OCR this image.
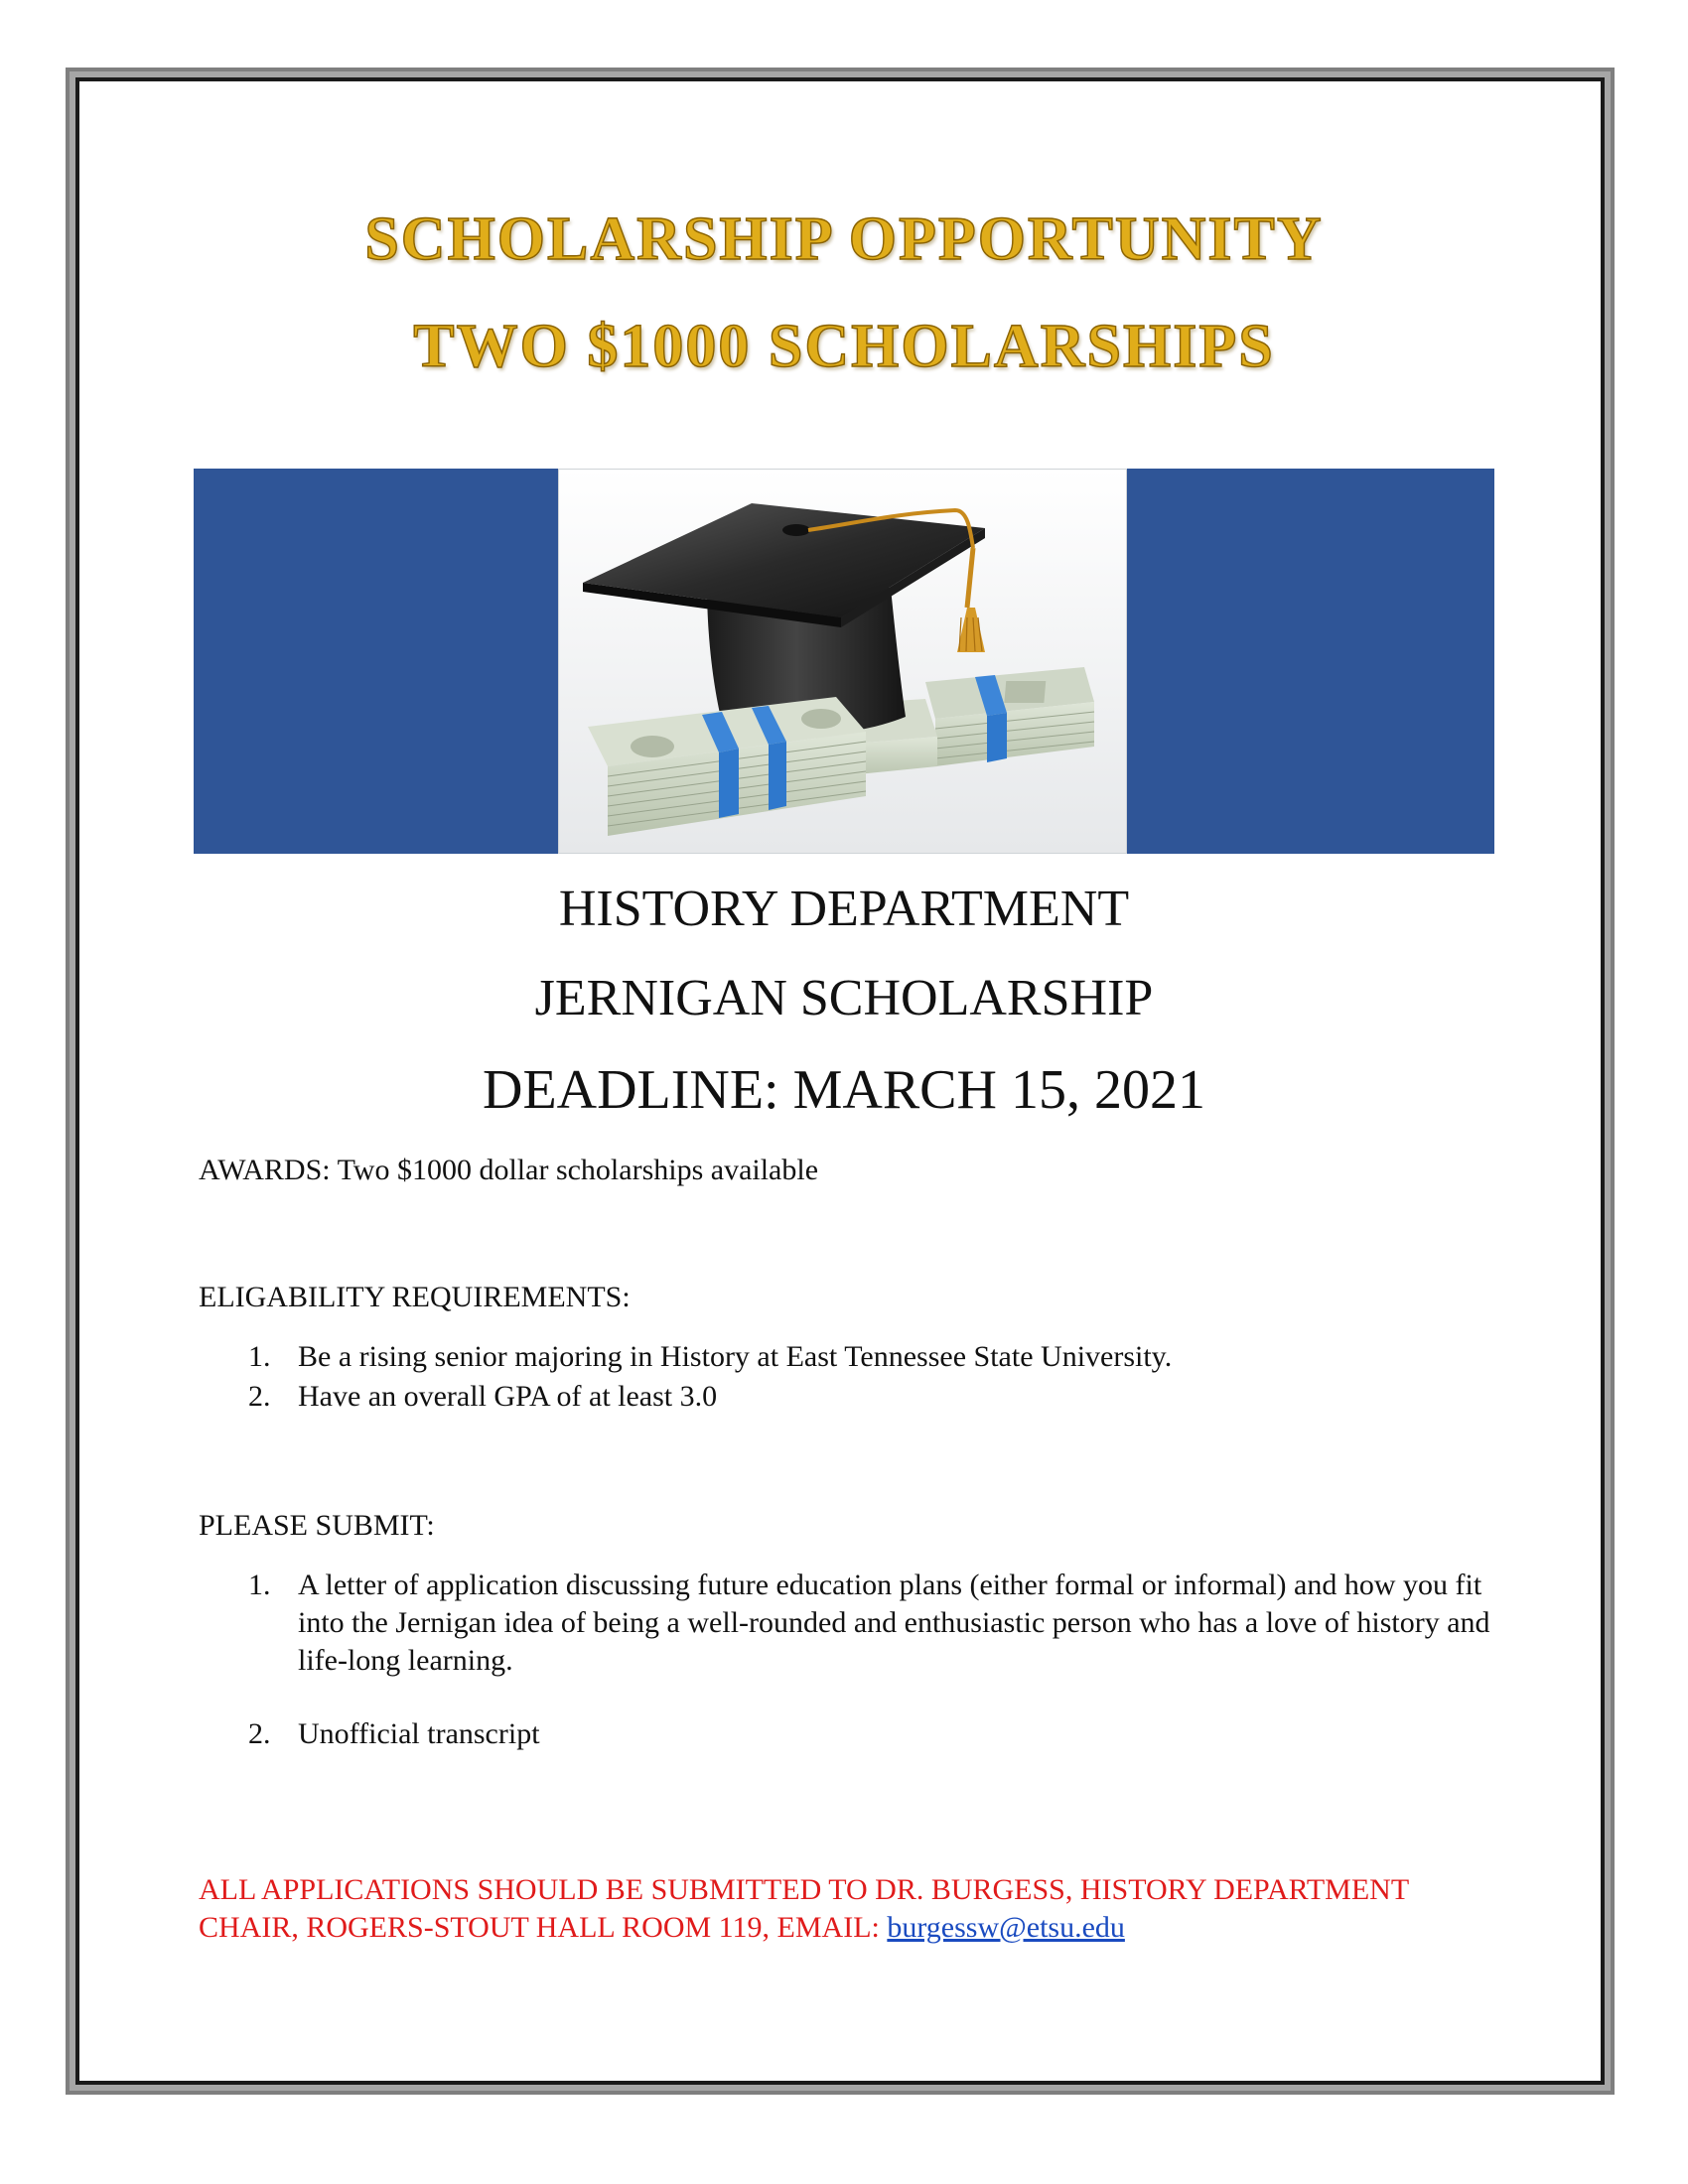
SCHOLARSHIP OPPORTUNITY
TWO $1000 SCHOLARSHIPS
HISTORY DEPARTMENT
JERNIGAN SCHOLARSHIP
DEADLINE: MARCH 15, 2021
AWARDS: Two $1000 dollar scholarships available
ELIGABILITY REQUIREMENTS:
1. Be a rising senior majoring in History at East Tennessee State University.
2. Have an overall GPA of at least 3.0
PLEASE SUBMIT:
1. A letter of application discussing future education plans (either formal or informal) and how you fit into the Jernigan idea of being a well-rounded and enthusiastic person who has a love of history and life-long learning.
2. Unofficial transcript
ALL APPLICATIONS SHOULD BE SUBMITTED TO DR. BURGESS, HISTORY DEPARTMENT CHAIR, ROGERS-STOUT HALL ROOM 119, EMAIL: burgessw@etsu.edu
